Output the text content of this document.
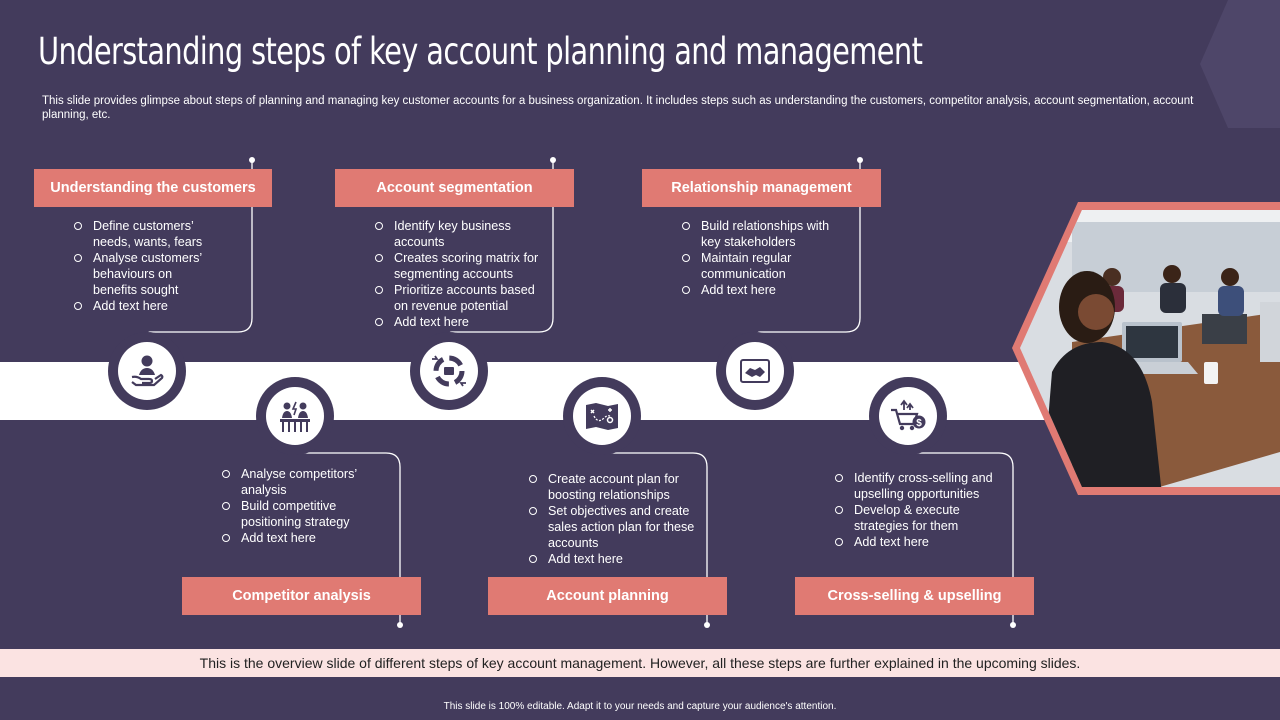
Understanding steps of key account planning and management

This slide provides glimpse about steps of planning and managing key customer accounts for a business organization. It includes steps such as understanding the customers, competitor analysis, account segmentation, account planning, etc.

Understanding the customers
Define customers’ needs, wants, fears
Analyse customers’ behaviours on benefits sought
Add text here
Analyse competitors’ analysis
Build competitive positioning strategy
Add text here
Competitor analysis
Account segmentation
Identify key business accounts
Creates scoring matrix for segmenting accounts
Prioritize accounts based on revenue potential
Add text here
Create account plan for boosting relationships
Set objectives and create sales action plan for these accounts
Add text here
Account planning
Relationship management
Build relationships with key stakeholders
Maintain regular communication
Add text here
$
Identify cross-selling and upselling opportunities
Develop & execute strategies for them
Add text here
Cross-selling & upselling
This is the overview slide of different steps of key account management. However, all these steps are further explained in the upcoming slides.
This slide is 100% editable. Adapt it to your needs and capture your audience's attention.
